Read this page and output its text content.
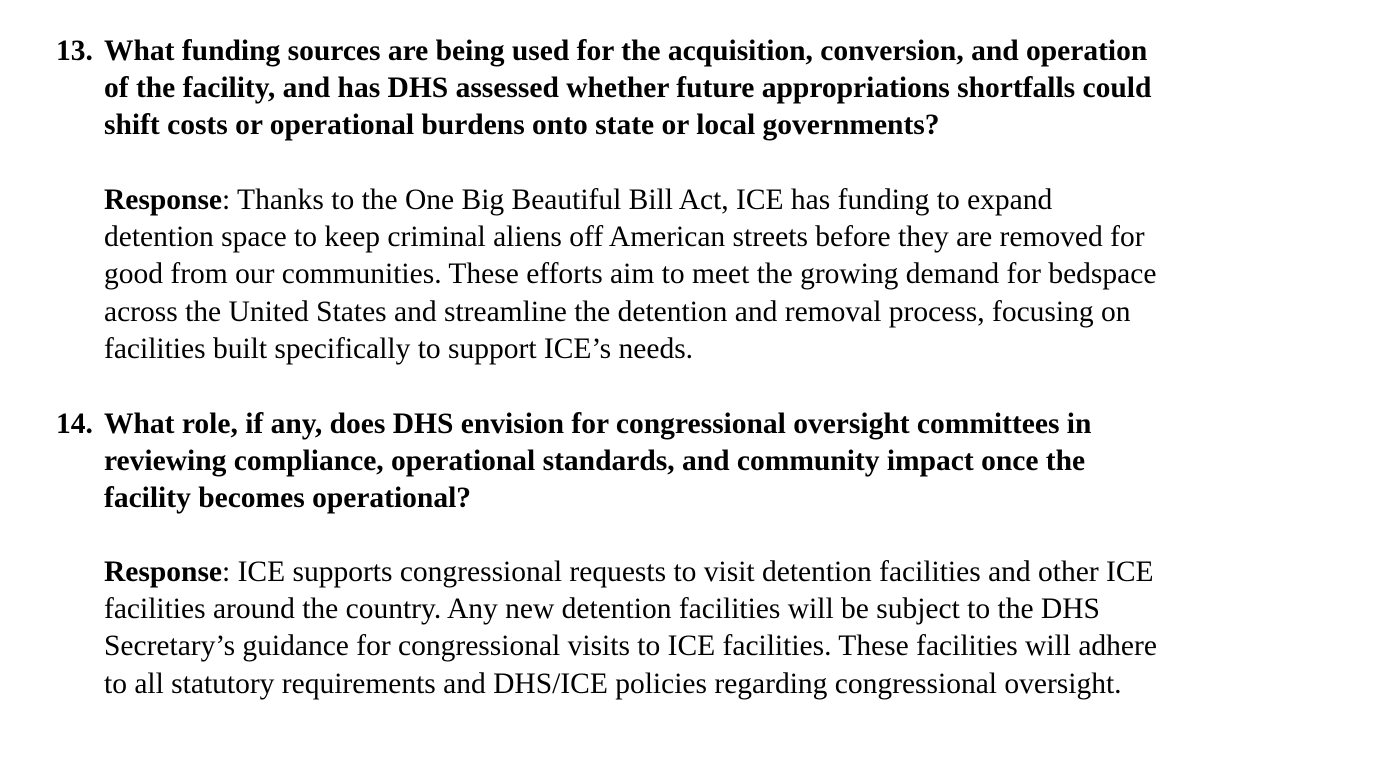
13. What funding sources are being used for the acquisition, conversion, and operation
of the facility, and has DHS assessed whether future appropriations shortfalls could
shift costs or operational burdens onto state or local governments?
Response: Thanks to the One Big Beautiful Bill Act, ICE has funding to expand
detention space to keep criminal aliens off American streets before they are removed for
good from our communities. These efforts aim to meet the growing demand for bedspace
across the United States and streamline the detention and removal process, focusing on
facilities built specifically to support ICE’s needs.
14. What role, if any, does DHS envision for congressional oversight committees in
reviewing compliance, operational standards, and community impact once the
facility becomes operational?
Response: ICE supports congressional requests to visit detention facilities and other ICE
facilities around the country. Any new detention facilities will be subject to the DHS
Secretary’s guidance for congressional visits to ICE facilities. These facilities will adhere
to all statutory requirements and DHS/ICE policies regarding congressional oversight.
